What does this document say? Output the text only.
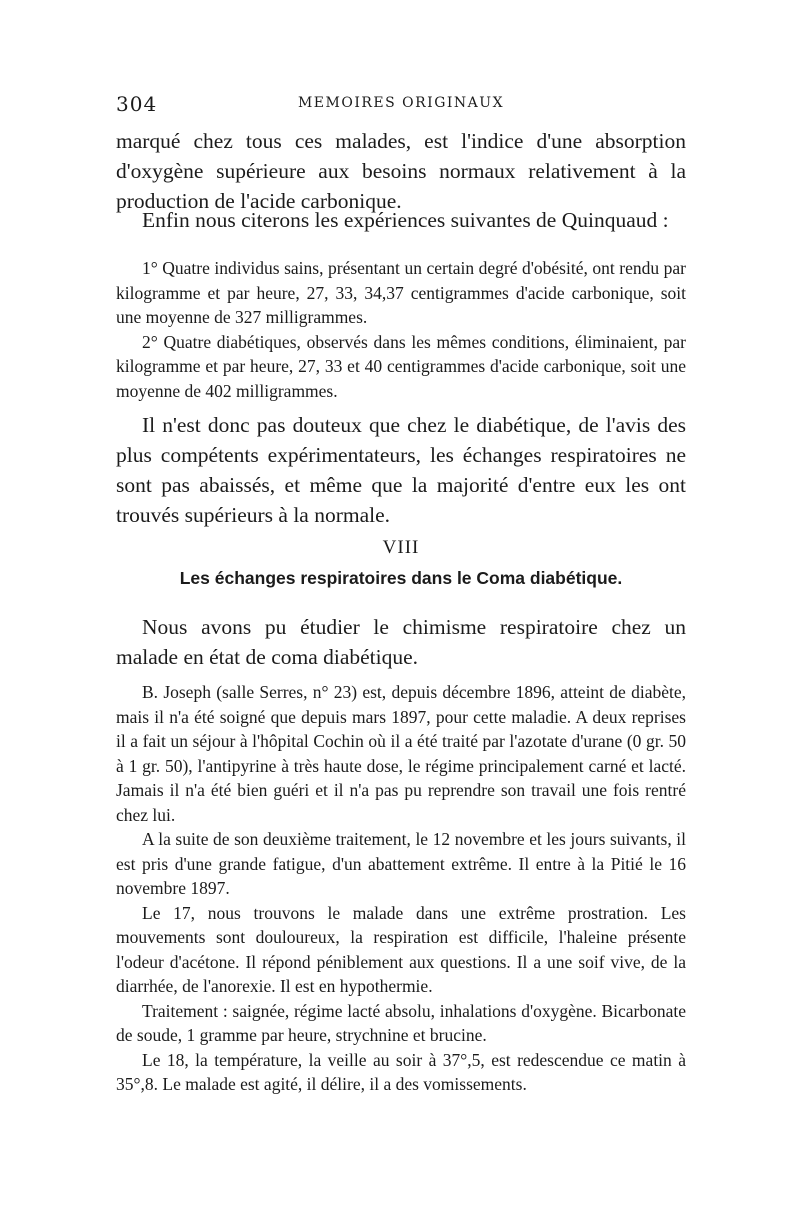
304	MEMOIRES ORIGINAUX

marqué chez tous ces malades, est l'indice d'une absorption d'oxygène supérieure aux besoins normaux relativement à la production de l'acide carbonique.

Enfin nous citerons les expériences suivantes de Quinquaud :

1° Quatre individus sains, présentant un certain degré d'obésité, ont rendu par kilogramme et par heure, 27, 33, 34,37 centigrammes d'acide carbonique, soit une moyenne de 327 milligrammes.

2° Quatre diabétiques, observés dans les mêmes conditions, éliminaient, par kilogramme et par heure, 27, 33 et 40 centigrammes d'acide carbonique, soit une moyenne de 402 milligrammes.

Il n'est donc pas douteux que chez le diabétique, de l'avis des plus compétents expérimentateurs, les échanges respiratoires ne sont pas abaissés, et même que la majorité d'entre eux les ont trouvés supérieurs à la normale.

VIII
Les échanges respiratoires dans le Coma diabétique.

Nous avons pu étudier le chimisme respiratoire chez un malade en état de coma diabétique.

B. Joseph (salle Serres, n° 23) est, depuis décembre 1896, atteint de diabète, mais il n'a été soigné que depuis mars 1897, pour cette maladie. A deux reprises il a fait un séjour à l'hôpital Cochin où il a été traité par l'azotate d'urane (0 gr. 50 à 1 gr. 50), l'antipyrine à très haute dose, le régime principalement carné et lacté. Jamais il n'a été bien guéri et il n'a pas pu reprendre son travail une fois rentré chez lui.

A la suite de son deuxième traitement, le 12 novembre et les jours suivants, il est pris d'une grande fatigue, d'un abattement extrême. Il entre à la Pitié le 16 novembre 1897.

Le 17, nous trouvons le malade dans une extrême prostration. Les mouvements sont douloureux, la respiration est difficile, l'haleine présente l'odeur d'acétone. Il répond péniblement aux questions. Il a une soif vive, de la diarrhée, de l'anorexie. Il est en hypothermie.

Traitement : saignée, régime lacté absolu, inhalations d'oxygène. Bicarbonate de soude, 1 gramme par heure, strychnine et brucine.

Le 18, la température, la veille au soir à 37°,5, est redescendue ce matin à 35°,8. Le malade est agité, il délire, il a des vomissements.
